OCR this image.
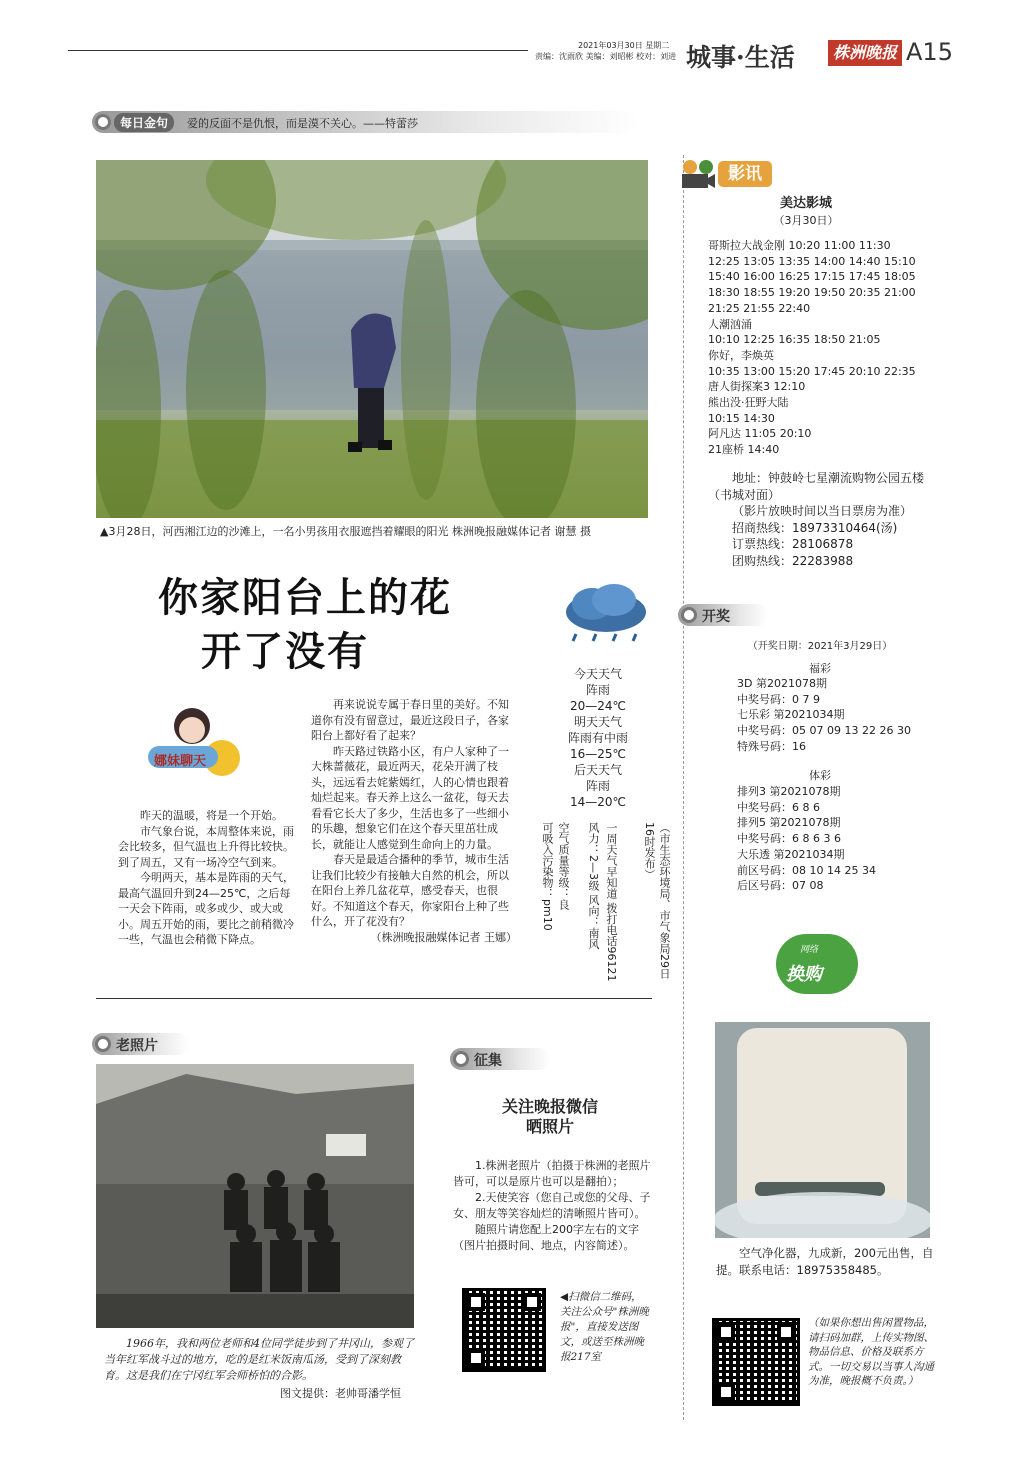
2021年03月30日 星期二
责编：沈雨欣 美编：刘昭彬 校对：刘进 城事·生活	株洲晚报 A15
每日金句	爱的反面不是仇恨，而是漠不关心。——特蕾莎
▲3月28日，河西湘江边的沙滩上，一名小男孩用衣服遮挡着耀眼的阳光 株洲晚报融媒体记者 谢慧 摄
你家阳台上的花
开了没有
娜妹聊天

昨天的温暖，将是一个开始。

市气象台说，本周整体来说，雨会比较多，但气温也上升得比较快。到了周五，又有一场冷空气到来。

今明两天，基本是阵雨的天气，最高气温回升到24—25℃，之后每一天会下阵雨，或多或少、或大或小。周五开始的雨，要比之前稍微冷一些，气温也会稍微下降点。

再来说说专属于春日里的美好。不知道你有没有留意过，最近这段日子，各家阳台上都好看了起来？

昨天路过铁路小区，有户人家种了一大株蔷薇花，最近两天，花朵开满了枝头，远远看去姹紫嫣红，人的心情也跟着灿烂起来。春天养上这么一盆花，每天去看看它长大了多少，生活也多了一些细小的乐趣，想象它们在这个春天里茁壮成长，就能让人感觉到生命向上的力量。

春天是最适合播种的季节，城市生活让我们比较少有接触大自然的机会，所以在阳台上养几盆花草，感受春天，也很好。不知道这个春天，你家阳台上种了些什么，开了花没有？

（株洲晚报融媒体记者 王娜）

今天天气
阵雨
20—24℃
明天天气
阵雨有中雨
16—25℃
后天天气
阵雨
14—20℃
（市生态环境局、市气象局29日16时发布）
一周天气早知道 拨打电话96121
风力：2—3级 风向：南风
空气质量等级：良
可吸入污染物：pm10
影讯
美达影城
（3月30日）
哥斯拉大战金刚 10:20 11:00 11:30
12:25 13:05 13:35 14:00 14:40 15:10
15:40 16:00 16:25 17:15 17:45 18:05
18:30 18:55 19:20 19:50 20:35 21:00
21:25 21:55 22:40
人潮汹涌
10:10 12:25 16:35 18:50 21:05
你好，李焕英
10:35 13:00 15:20 17:45 20:10 22:35
唐人街探案3 12:10
熊出没·狂野大陆
10:15 14:30
阿凡达 11:05 20:10
21座桥 14:40
地址：钟鼓岭七星潮流购物公园五楼
（书城对面）
（影片放映时间以当日票房为准）
招商热线：18973310464(汤)
订票热线：28106878
团购热线：22283988
开奖
（开奖日期：2021年3月29日）
福彩
3D 第2021078期
中奖号码：0 7 9
七乐彩 第2021034期
中奖号码：05 07 09 13 22 26 30
特殊号码：16
体彩
排列3 第2021078期
中奖号码：6 8 6
排列5 第2021078期
中奖号码：6 8 6 3 6
大乐透 第2021034期
前区号码：08 10 14 25 34
后区号码：07 08
网络
换购
空气净化器，九成新，200元出售，自提。联系电话：18975358485。
（如果你想出售闲置物品，请扫码加群，上传实物图、物品信息、价格及联系方式。一切交易以当事人沟通为准，晚报概不负责。）
老照片
1966年，我和两位老师和4位同学徒步到了井冈山，参观了当年红军战斗过的地方，吃的是红米饭南瓜汤，受到了深刻教育。这是我们在宁冈红军会师桥怕的合影。
图文提供：老帅哥潘学恒
征集
关注晚报微信
晒照片
1.株洲老照片（拍摄于株洲的老照片皆可，可以是原片也可以是翻拍）；
2.天使笑容（您自己或您的父母、子女、朋友等笑容灿烂的清晰照片皆可）。
随照片请您配上200字左右的文字（图片拍摄时间、地点，内容简述）。
◀扫微信二维码，关注公众号"株洲晚报"，直接发送图文，或送至株洲晚报217室
